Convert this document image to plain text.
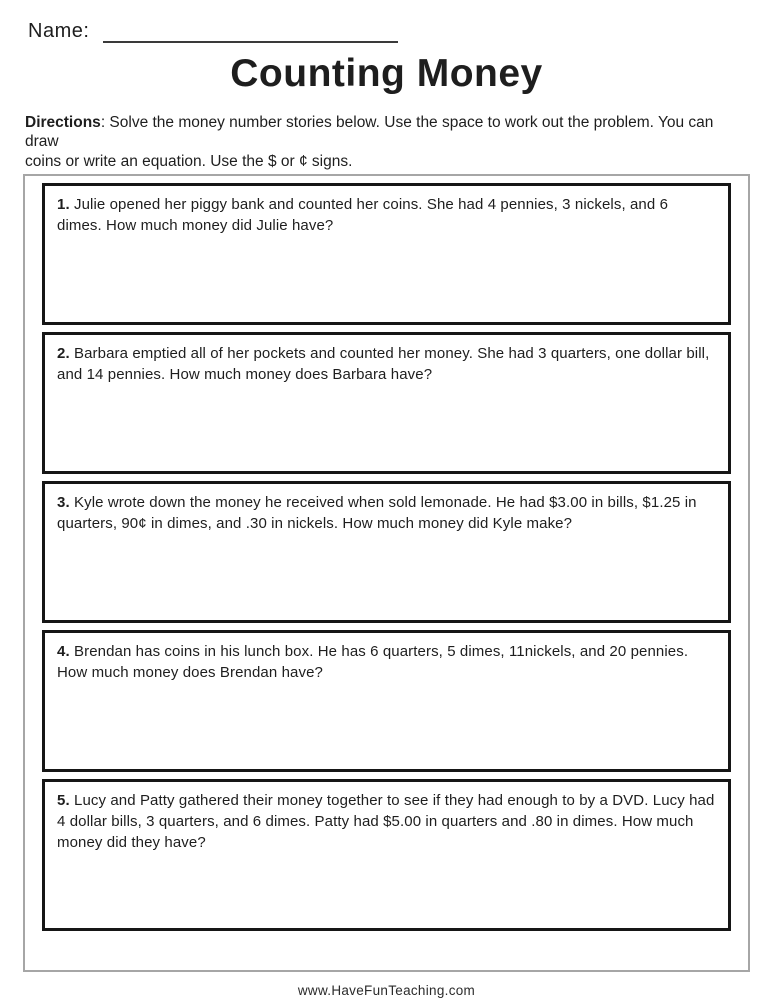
Name:
Counting Money

Directions: Solve the money number stories below. Use the space to work out the problem. You can draw
coins or write an equation. Use the $ or ¢ signs.

1. Julie opened her piggy bank and counted her coins. She had 4 pennies, 3 nickels, and 6 dimes. How much money did Julie have?

2. Barbara emptied all of her pockets and counted her money. She had 3 quarters, one dollar bill, and 14 pennies. How much money does Barbara have?

3. Kyle wrote down the money he received when sold lemonade. He had $3.00 in bills, $1.25 in quarters, 90¢ in dimes, and .30 in nickels. How much money did Kyle make?

4. Brendan has coins in his lunch box. He has 6 quarters, 5 dimes, 11nickels, and 20 pennies. How much money does Brendan have?

5. Lucy and Patty gathered their money together to see if they had enough to by a DVD. Lucy had 4 dollar bills, 3 quarters, and 6 dimes. Patty had $5.00 in quarters and .80 in dimes. How much money did they have?

www.HaveFunTeaching.com
